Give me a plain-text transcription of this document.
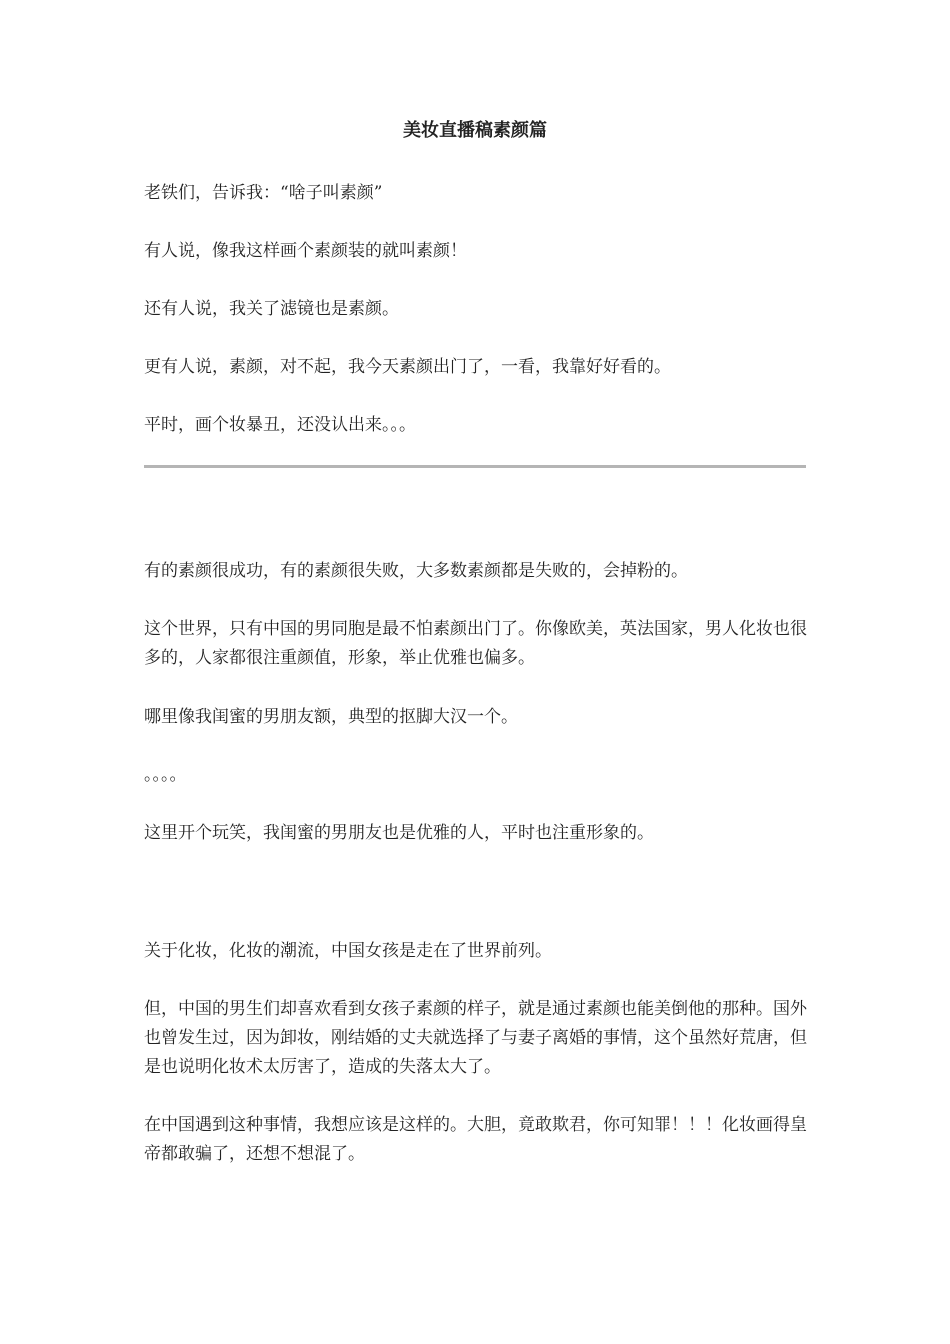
美妆直播稿素颜篇

老铁们，告诉我：“啥子叫素颜”

有人说，像我这样画个素颜装的就叫素颜！

还有人说，我关了滤镜也是素颜。

更有人说，素颜，对不起，我今天素颜出门了，一看，我靠好好看的。

平时，画个妆暴丑，还没认出来。。。

有的素颜很成功，有的素颜很失败，大多数素颜都是失败的，会掉粉的。

这个世界，只有中国的男同胞是最不怕素颜出门了。你像欧美，英法国家，男人化妆也很多的，人家都很注重颜值，形象，举止优雅也偏多。

哪里像我闺蜜的男朋友额，典型的抠脚大汉一个。

。。。。

这里开个玩笑，我闺蜜的男朋友也是优雅的人，平时也注重形象的。

关于化妆，化妆的潮流，中国女孩是走在了世界前列。

但，中国的男生们却喜欢看到女孩子素颜的样子，就是通过素颜也能美倒他的那种。国外也曾发生过，因为卸妆，刚结婚的丈夫就选择了与妻子离婚的事情，这个虽然好荒唐，但是也说明化妆术太厉害了，造成的失落太大了。

在中国遇到这种事情，我想应该是这样的。大胆，竟敢欺君，你可知罪！！！化妆画得皇帝都敢骗了，还想不想混了。
